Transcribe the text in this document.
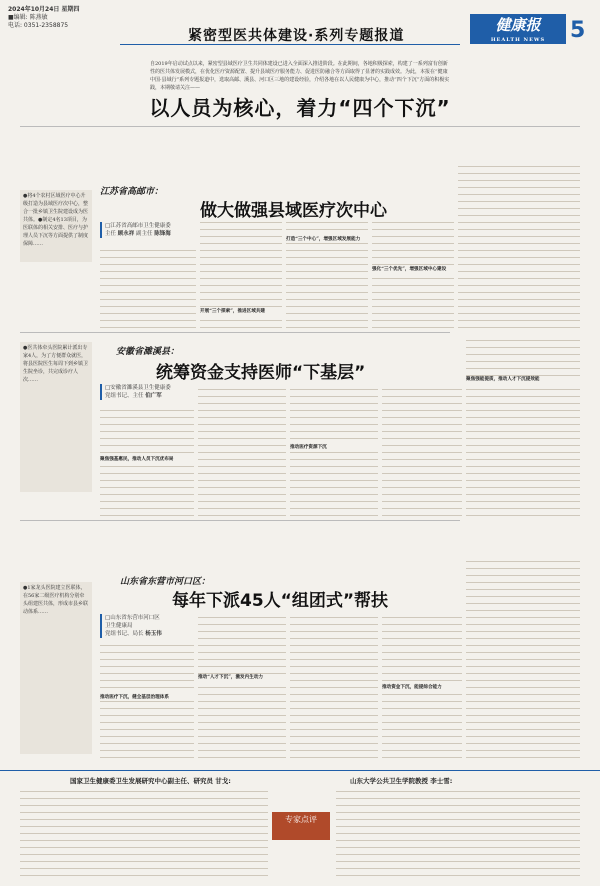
2024年10月24日 星期四
■编辑: 陈燕敏
电话: 0351-2358875
紧密型医共体建设·系列专题报道
健康报
HEALTH NEWS	5
自2019年启动试点以来，紧密型县域医疗卫生共同体建设已进入全面深入推进阶段。在此期间，各地积极探索，构建了一系列富有创新性的医共体发展模式，在优化医疗资源配置、提升县域医疗服务能力、促进医防融合等方面取得了显著的实践成效。为此，本报在“健康中国·县域行”系列专题报道中，选取高邮、溪县、河口区三地的建设经验，介绍各地在以人民健康为中心，推动“四个下沉”方面的积极实践，本期敬请关注——
以人员为核心，着力“四个下沉”
江苏省高邮市：
做大做强县域医疗次中心
●将4个农村区域医疗中心升级打造为县域医疗次中心，整合一批乡镇卫生院建设成为医共体。●制定4名13项目，为医联体的相关安排、医疗与护理人员下沉等方面提供了制度保障……
□江苏省高邮市卫生健康委
主任 顾永祥 副主任 陈锋海
开展“三个探索”，推进区域共建
打造“三个中心”，增强区域发展能力
强化“三个优先”，增强区域中心建设
安徽省濉溪县：
统筹资金支持医师“下基层”
●医共体牵头医院累计派出专家4人，为了方便群众就医，将县医院医生每周下到乡镇卫生院坐诊，共完成诊疗人次……
□安徽省濉溪县卫生健康委
党组书记、主任 伯广军
聚焦强基惠民，推动人员下沉优布局
推动医疗资源下沉
聚焦强能提质，推动人才下沉提效能
山东省东营市河口区：
每年下派45人“组团式”帮扶
●1家龙头医院建立医联体，在56家二级医疗机构分别牵头组建医共体，形成市县乡联动体系……
□山东省东营市河口区
卫生健康局
党组书记、局长 杨玉伟
推动医疗下沉，健全基层治理体系
推动“人才下沉”，激发内生动力
推动资金下沉，能提综合能力
国家卫生健康委卫生发展研究中心副主任、研究员 甘戈:	山东大学公共卫生学院教授 李士雪:
专家点评
